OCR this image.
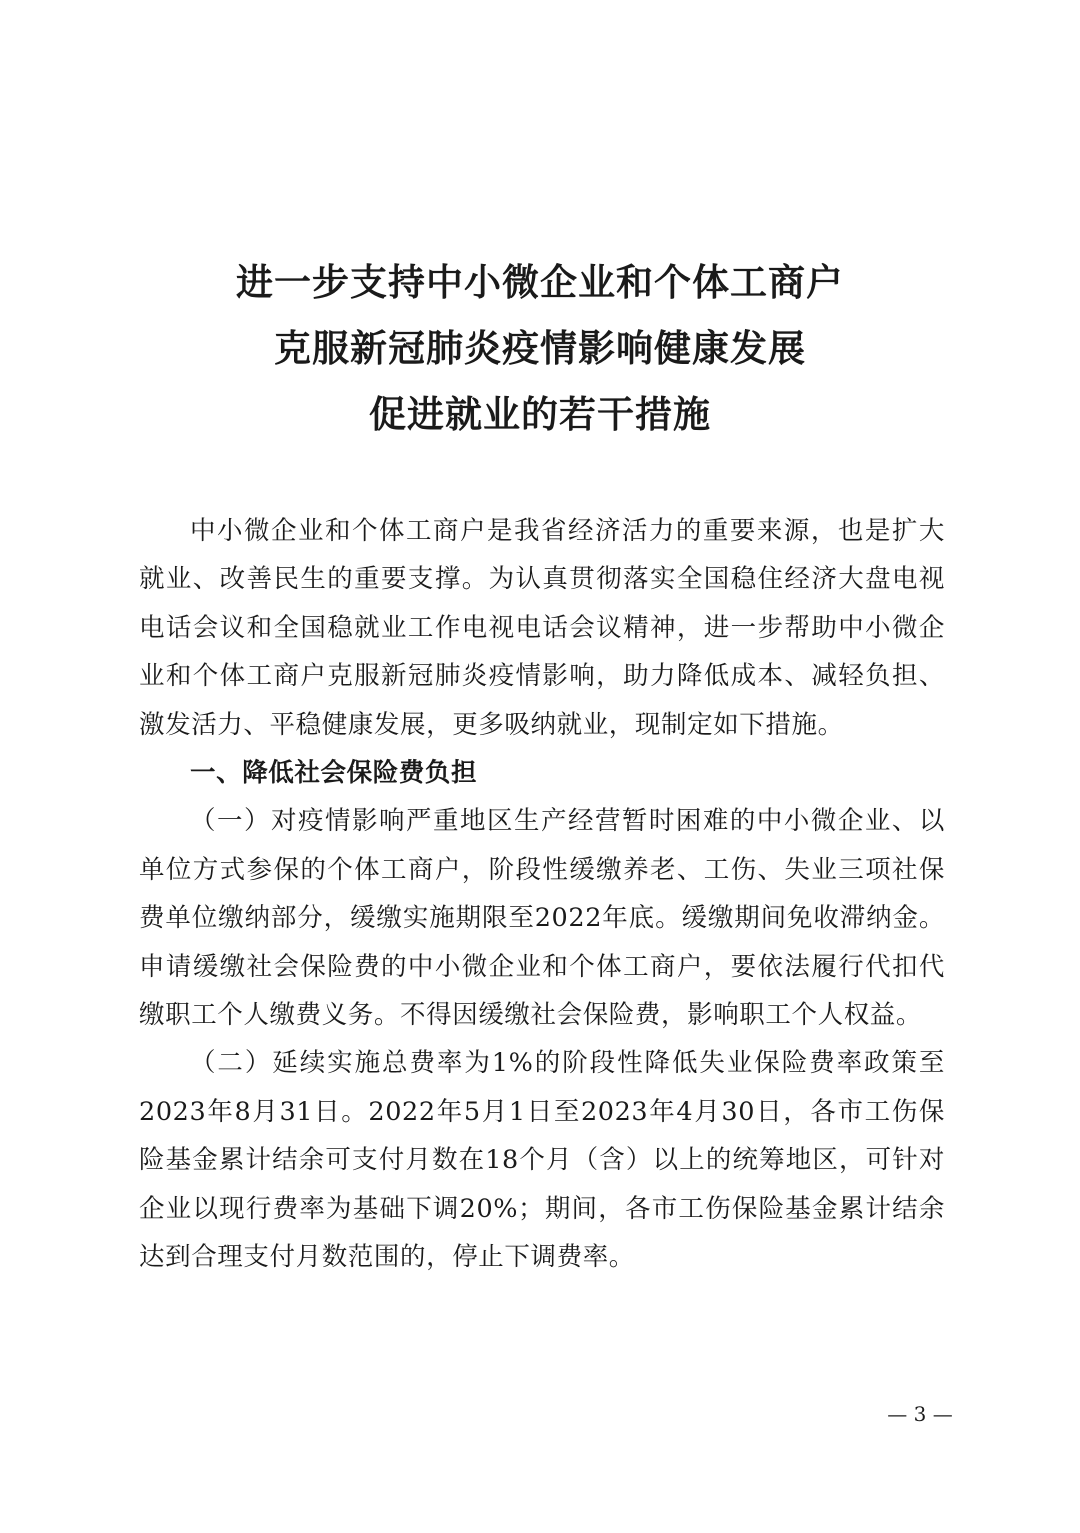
进一步支持中小微企业和个体工商户
克服新冠肺炎疫情影响健康发展
促进就业的若干措施

中小微企业和个体工商户是我省经济活力的重要来源，也是扩大就业、改善民生的重要支撑。为认真贯彻落实全国稳住经济大盘电视电话会议和全国稳就业工作电视电话会议精神，进一步帮助中小微企业和个体工商户克服新冠肺炎疫情影响，助力降低成本、减轻负担、激发活力、平稳健康发展，更多吸纳就业，现制定如下措施。

一、降低社会保险费负担

（一）对疫情影响严重地区生产经营暂时困难的中小微企业、以单位方式参保的个体工商户，阶段性缓缴养老、工伤、失业三项社保费单位缴纳部分，缓缴实施期限至2022年底。缓缴期间免收滞纳金。申请缓缴社会保险费的中小微企业和个体工商户，要依法履行代扣代缴职工个人缴费义务。不得因缓缴社会保险费，影响职工个人权益。

（二）延续实施总费率为1%的阶段性降低失业保险费率政策至2023年8月31日。2022年5月1日至2023年4月30日，各市工伤保险基金累计结余可支付月数在18个月（含）以上的统筹地区，可针对企业以现行费率为基础下调20%；期间，各市工伤保险基金累计结余达到合理支付月数范围的，停止下调费率。

— 3 —
